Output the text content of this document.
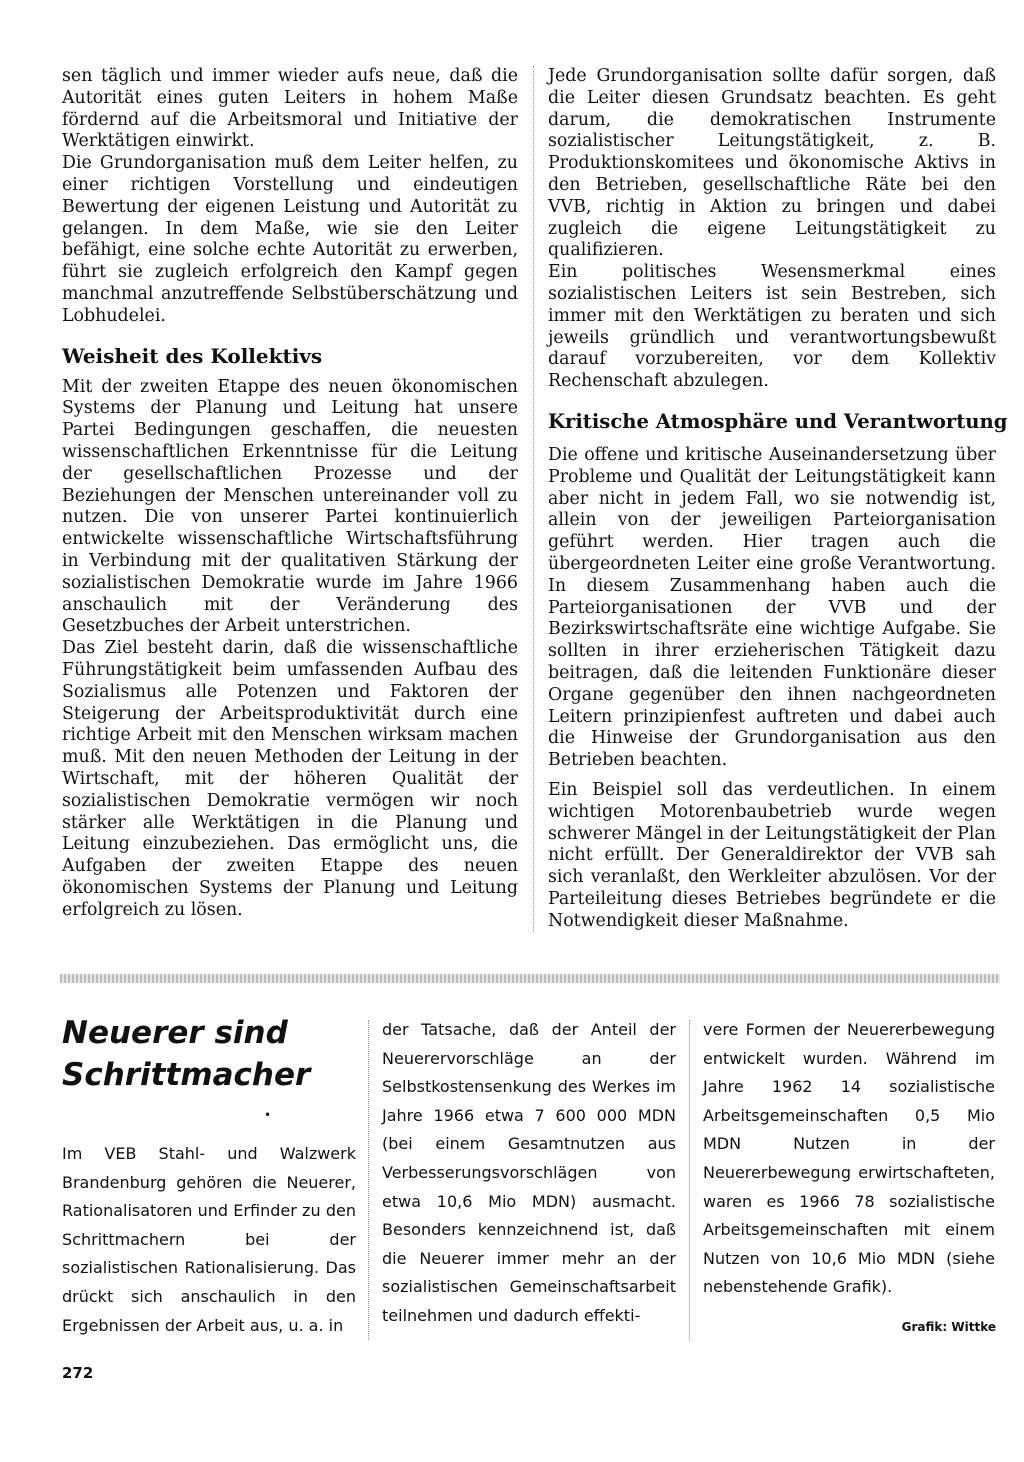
sen täglich und immer wieder aufs neue, daß die Autorität eines guten Leiters in hohem Maße fördernd auf die Arbeitsmoral und Initiative der Werktätigen einwirkt.

Die Grundorganisation muß dem Leiter helfen, zu einer richtigen Vorstellung und eindeutigen Bewertung der eigenen Leistung und Autorität zu gelangen. In dem Maße, wie sie den Leiter befähigt, eine solche echte Autorität zu erwerben, führt sie zugleich erfolgreich den Kampf gegen manchmal anzutreffende Selbstüberschätzung und Lobhudelei.

Weisheit des Kollektivs

Mit der zweiten Etappe des neuen ökonomischen Systems der Planung und Leitung hat unsere Partei Bedingungen geschaffen, die neuesten wissenschaftlichen Erkenntnisse für die Leitung der gesellschaftlichen Prozesse und der Beziehungen der Menschen untereinander voll zu nutzen. Die von unserer Partei kontinuierlich entwickelte wissenschaftliche Wirtschaftsführung in Verbindung mit der qualitativen Stärkung der sozialistischen Demokratie wurde im Jahre 1966 anschaulich mit der Veränderung des Gesetzbuches der Arbeit unterstrichen.

Das Ziel besteht darin, daß die wissenschaftliche Führungstätigkeit beim umfassenden Aufbau des Sozialismus alle Potenzen und Faktoren der Steigerung der Arbeitsproduktivität durch eine richtige Arbeit mit den Menschen wirksam machen muß. Mit den neuen Methoden der Leitung in der Wirtschaft, mit der höheren Qualität der sozialistischen Demokratie vermögen wir noch stärker alle Werktätigen in die Planung und Leitung einzubeziehen. Das ermöglicht uns, die Aufgaben der zweiten Etappe des neuen ökonomischen Systems der Planung und Leitung erfolgreich zu lösen.

Jede Grundorganisation sollte dafür sorgen, daß die Leiter diesen Grundsatz beachten. Es geht darum, die demokratischen Instrumente sozialistischer Leitungstätigkeit, z. B. Produktionskomitees und ökonomische Aktivs in den Betrieben, gesellschaftliche Räte bei den VVB, richtig in Aktion zu bringen und dabei zugleich die eigene Leitungstätigkeit zu qualifizieren.

Ein politisches Wesensmerkmal eines sozialistischen Leiters ist sein Bestreben, sich immer mit den Werktätigen zu beraten und sich jeweils gründlich und verantwortungsbewußt darauf vorzubereiten, vor dem Kollektiv Rechenschaft abzulegen.

Kritische Atmosphäre und Verantwortung

Die offene und kritische Auseinandersetzung über Probleme und Qualität der Leitungstätigkeit kann aber nicht in jedem Fall, wo sie notwendig ist, allein von der jeweiligen Parteiorganisation geführt werden. Hier tragen auch die übergeordneten Leiter eine große Verantwortung. In diesem Zusammenhang haben auch die Parteiorganisationen der VVB und der Bezirkswirtschaftsräte eine wichtige Aufgabe. Sie sollten in ihrer erzieherischen Tätigkeit dazu beitragen, daß die leitenden Funktionäre dieser Organe gegenüber den ihnen nachgeordneten Leitern prinzipienfest auftreten und dabei auch die Hinweise der Grundorganisation aus den Betrieben beachten.

Ein Beispiel soll das verdeutlichen. In einem wichtigen Motorenbaubetrieb wurde wegen schwerer Mängel in der Leitungstätigkeit der Plan nicht erfüllt. Der Generaldirektor der VVB sah sich veranlaßt, den Werkleiter abzulösen. Vor der Parteileitung dieses Betriebes begründete er die Notwendigkeit dieser Maßnahme.

Neuerer sind
Schrittmacher
•

Im VEB Stahl- und Walzwerk Brandenburg gehören die Neuerer, Rationalisatoren und Erfinder zu den Schrittmachern bei der sozialistischen Rationalisierung. Das drückt sich anschaulich in den Ergebnissen der Arbeit aus, u. a. in

der Tatsache, daß der Anteil der Neuerervorschläge an der Selbstkostensenkung des Werkes im Jahre 1966 etwa 7 600 000 MDN (bei einem Gesamtnutzen aus Verbesserungsvorschlägen von etwa 10,6 Mio MDN) ausmacht. Besonders kennzeichnend ist, daß die Neuerer immer mehr an der sozialistischen Gemeinschaftsarbeit teilnehmen und dadurch effekti-

vere Formen der Neuererbewegung entwickelt wurden. Während im Jahre 1962 14 sozialistische Arbeitsgemeinschaften 0,5 Mio MDN Nutzen in der Neuererbewegung erwirtschafteten, waren es 1966 78 sozialistische Arbeitsgemeinschaften mit einem Nutzen von 10,6 Mio MDN (siehe nebenstehende Grafik).

Grafik: Wittke
272
